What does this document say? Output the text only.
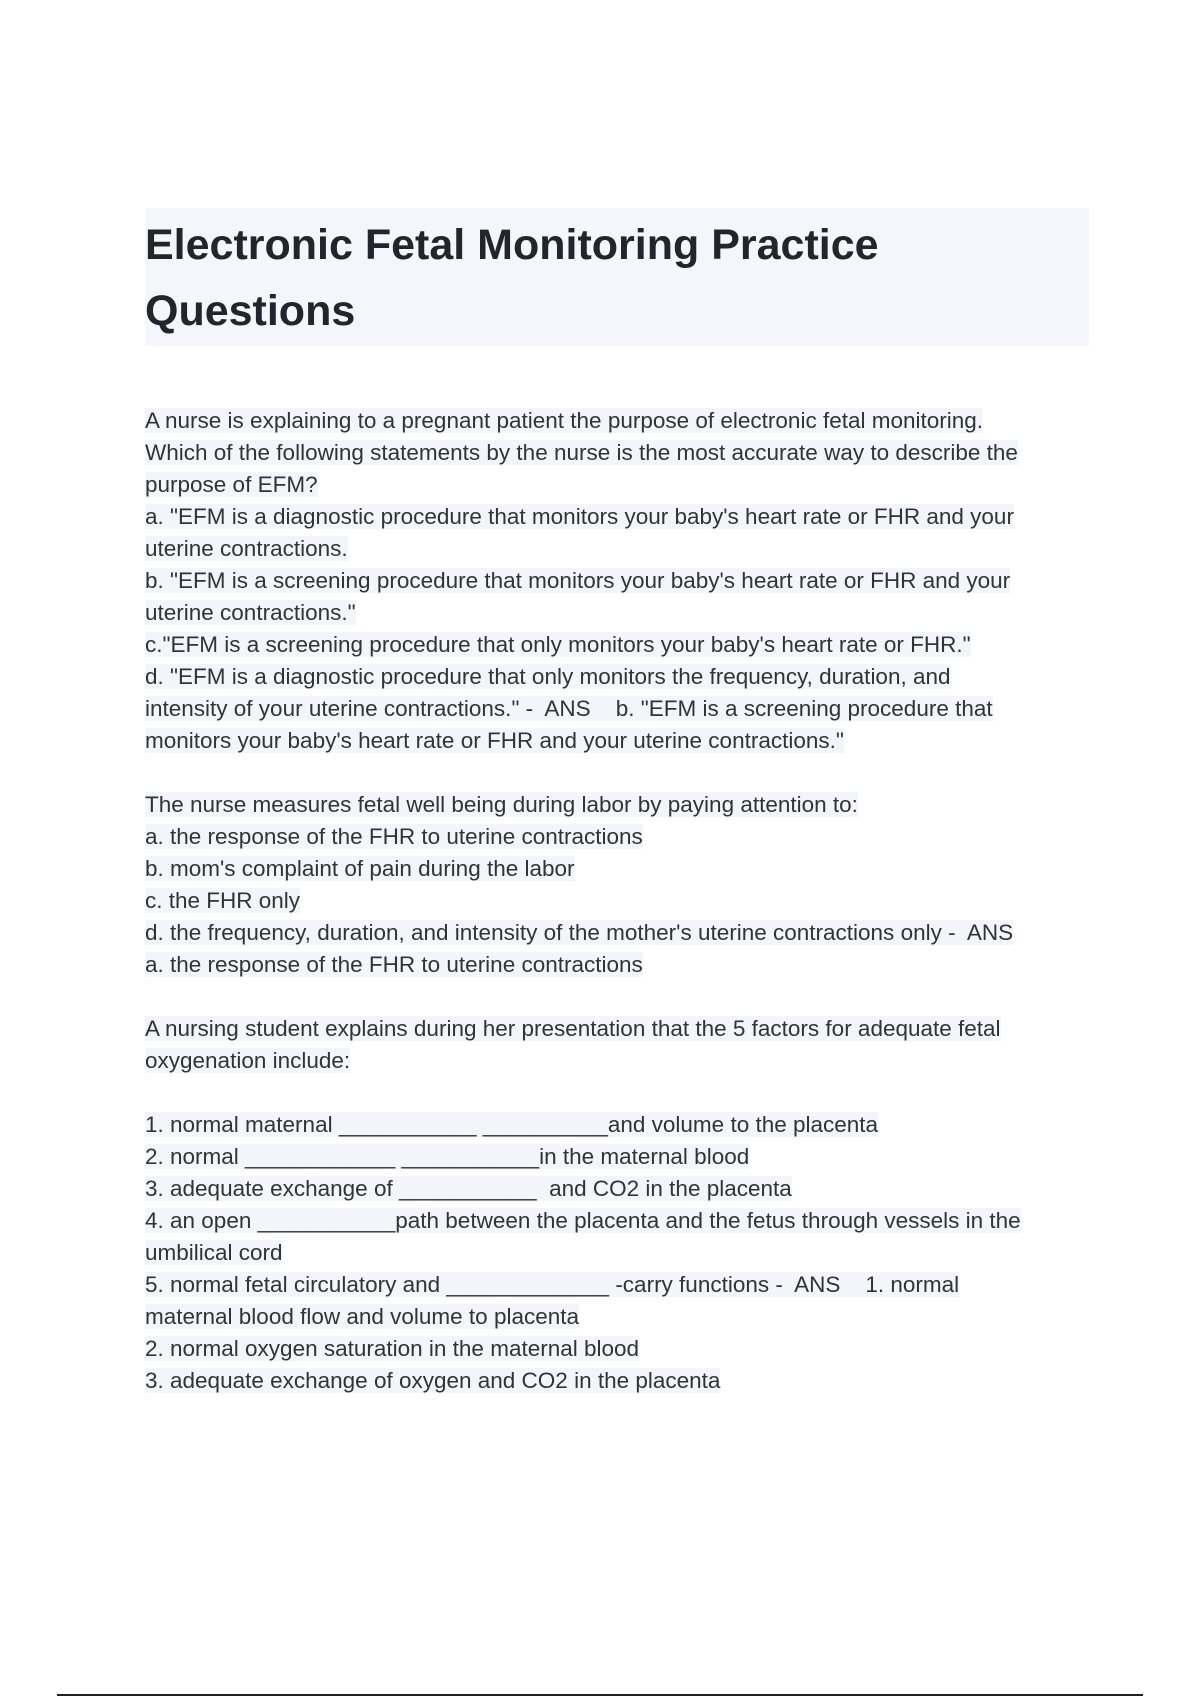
Electronic Fetal Monitoring Practice Questions

A nurse is explaining to a pregnant patient the purpose of electronic fetal monitoring.

Which of the following statements by the nurse is the most accurate way to describe the

purpose of EFM?

a. "EFM is a diagnostic procedure that monitors your baby's heart rate or FHR and your

uterine contractions.

b. "EFM is a screening procedure that monitors your baby's heart rate or FHR and your

uterine contractions."

c."EFM is a screening procedure that only monitors your baby's heart rate or FHR."

d. "EFM is a diagnostic procedure that only monitors the frequency, duration, and

intensity of your uterine contractions." -  ANS    b. "EFM is a screening procedure that

monitors your baby's heart rate or FHR and your uterine contractions."

The nurse measures fetal well being during labor by paying attention to:

a. the response of the FHR to uterine contractions

b. mom's complaint of pain during the labor

c. the FHR only

d. the frequency, duration, and intensity of the mother's uterine contractions only -  ANS

a. the response of the FHR to uterine contractions

A nursing student explains during her presentation that the 5 factors for adequate fetal

oxygenation include:

1. normal maternal ___________ __________and volume to the placenta

2. normal ____________ ___________in the maternal blood

3. adequate exchange of ___________  and CO2 in the placenta

4. an open ___________path between the placenta and the fetus through vessels in the

umbilical cord

5. normal fetal circulatory and _____________ -carry functions -  ANS    1. normal

maternal blood flow and volume to placenta

2. normal oxygen saturation in the maternal blood

3. adequate exchange of oxygen and CO2 in the placenta
